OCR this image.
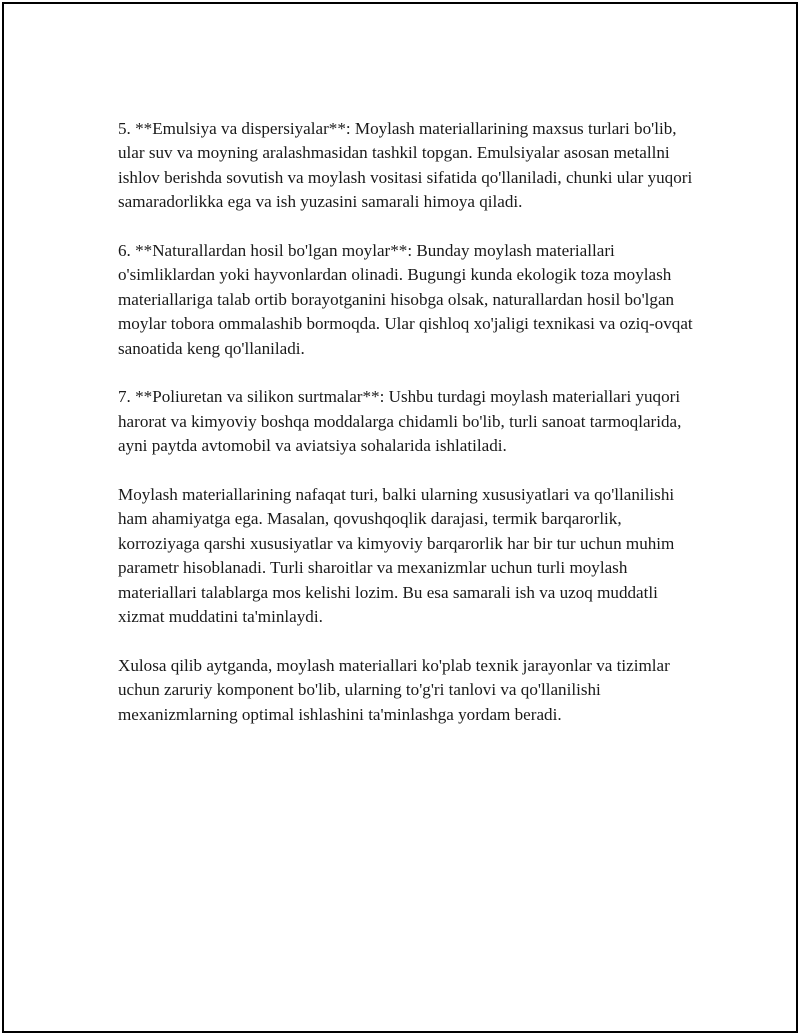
5. **Emulsiya va dispersiyalar**: Moylash materiallarining maxsus turlari bo'lib, ular suv va moyning aralashmasidan tashkil topgan. Emulsiyalar asosan metallni ishlov berishda sovutish va moylash vositasi sifatida qo'llaniladi, chunki ular yuqori samaradorlikka ega va ish yuzasini samarali himoya qiladi.

6. **Naturallardan hosil bo'lgan moylar**: Bunday moylash materiallari o'simliklardan yoki hayvonlardan olinadi. Bugungi kunda ekologik toza moylash materiallariga talab ortib borayotganini hisobga olsak, naturallardan hosil bo'lgan moylar tobora ommalashib bormoqda. Ular qishloq xo'jaligi texnikasi va oziq-ovqat sanoatida keng qo'llaniladi.

7. **Poliuretan va silikon surtmalar**: Ushbu turdagi moylash materiallari yuqori harorat va kimyoviy boshqa moddalarga chidamli bo'lib, turli sanoat tarmoqlarida, ayni paytda avtomobil va aviatsiya sohalarida ishlatiladi.

Moylash materiallarining nafaqat turi, balki ularning xususiyatlari va qo'llanilishi ham ahamiyatga ega. Masalan, qovushqoqlik darajasi, termik barqarorlik, korroziyaga qarshi xususiyatlar va kimyoviy barqarorlik har bir tur uchun muhim parametr hisoblanadi. Turli sharoitlar va mexanizmlar uchun turli moylash materiallari talablarga mos kelishi lozim. Bu esa samarali ish va uzoq muddatli xizmat muddatini ta'minlaydi.

Xulosa qilib aytganda, moylash materiallari ko'plab texnik jarayonlar va tizimlar uchun zaruriy komponent bo'lib, ularning to'g'ri tanlovi va qo'llanilishi mexanizmlarning optimal ishlashini ta'minlashga yordam beradi.
